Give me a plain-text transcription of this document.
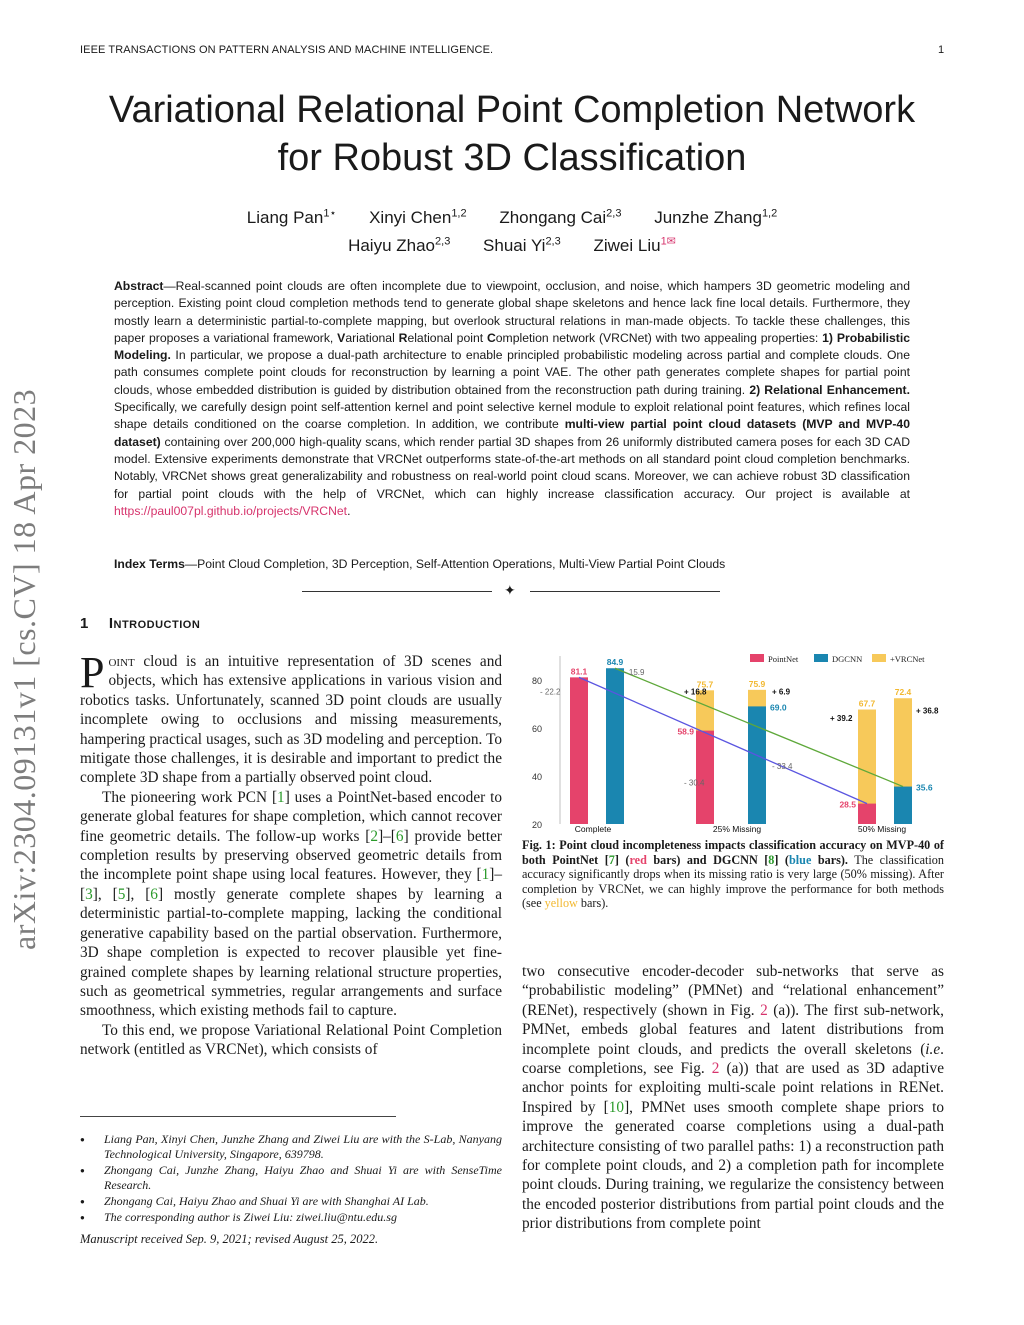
IEEE TRANSACTIONS ON PATTERN ANALYSIS AND MACHINE INTELLIGENCE.	1
arXiv:2304.09131v1 [cs.CV] 18 Apr 2023
Variational Relational Point Completion Network
for Robust 3D Classification
Liang Pan$^{1⋆}$ Xinyi Chen$^{1,2}$ Zhongang Cai$^{2,3}$ Junzhe Zhang$^{1,2}$
Haiyu Zhao$^{2,3}$ Shuai Yi$^{2,3}$ Ziwei Liu$^{1✉}$

Abstract—Real-scanned point clouds are often incomplete due to viewpoint, occlusion, and noise, which hampers 3D geometric modeling and perception. Existing point cloud completion methods tend to generate global shape skeletons and hence lack fine local details. Furthermore, they mostly learn a deterministic partial-to-complete mapping, but overlook structural relations in man-made objects. To tackle these challenges, this paper proposes a variational framework, Variational Relational point Completion network (VRCNet) with two appealing properties: 1) Probabilistic Modeling. In particular, we propose a dual-path architecture to enable principled probabilistic modeling across partial and complete clouds. One path consumes complete point clouds for reconstruction by learning a point VAE. The other path generates complete shapes for partial point clouds, whose embedded distribution is guided by distribution obtained from the reconstruction path during training. 2) Relational Enhancement. Specifically, we carefully design point self-attention kernel and point selective kernel module to exploit relational point features, which refines local shape details conditioned on the coarse completion. In addition, we contribute multi-view partial point cloud datasets (MVP and MVP-40 dataset) containing over 200,000 high-quality scans, which render partial 3D shapes from 26 uniformly distributed camera poses for each 3D CAD model. Extensive experiments demonstrate that VRCNet outperforms state-of-the-art methods on all standard point cloud completion benchmarks. Notably, VRCNet shows great generalizability and robustness on real-world point cloud scans. Moreover, we can achieve robust 3D classification for partial point clouds with the help of VRCNet, which can highly increase classification accuracy. Our project is available at https://paul007pl.github.io/projects/VRCNet.

Index Terms—Point Cloud Completion, 3D Perception, Self-Attention Operations, Multi-View Partial Point Clouds
✦
1 Introduction

Point cloud is an intuitive representation of 3D scenes and objects, which has extensive applications in various vision and robotics tasks. Unfortunately, scanned 3D point clouds are usually incomplete owing to occlusions and missing measurements, hampering practical usages, such as 3D modeling and perception. To mitigate those challenges, it is desirable and important to predict the complete 3D shape from a partially observed point cloud.

The pioneering work PCN [1] uses a PointNet-based encoder to generate global features for shape completion, which cannot recover fine geometric details. The follow-up works [2]–[6] provide better completion results by preserving observed geometric details from the incomplete point shape using local features. However, they [1]–[3], [5], [6] mostly generate complete shapes by learning a deterministic partial-to-complete mapping, lacking the conditional generative capability based on the partial observation. Furthermore, 3D shape completion is expected to recover plausible yet fine-grained complete shapes by learning relational structure properties, such as geometrical symmetries, regular arrangements and surface smoothness, which existing methods fail to capture.

To this end, we propose Variational Relational Point Completion network (entitled as VRCNet), which consists of

● Liang Pan, Xinyi Chen, Junzhe Zhang and Ziwei Liu are with the S-Lab, Nanyang Technological University, Singapore, 639798.
● Zhongang Cai, Junzhe Zhang, Haiyu Zhao and Shuai Yi are with SenseTime Research.
● Zhongang Cai, Haiyu Zhao and Shuai Yi are with Shanghai AI Lab.
● The corresponding author is Ziwei Liu: ziwei.liu@ntu.edu.sg
Manuscript received Sep. 9, 2021; revised August 25, 2022.
20
40
60
80
81.1
84.9
75.7	75.9
58.9
69.0	67.7
72.4
28.5
35.6
- 22.2
- 15.9
- 30.4
- 33.4
+ 16.8	+ 6.9
+ 39.2
+ 36.8
Complete	25% Missing	50% Missing
PointNet	DGCNN	+VRCNet
Fig. 1: Point cloud incompleteness impacts classification accuracy on MVP-40 of both PointNet [7] (red bars) and DGCNN [8] (blue bars). The classification accuracy significantly drops when its missing ratio is very large (50% missing). After completion by VRCNet, we can highly improve the performance for both methods (see yellow bars).

two consecutive encoder-decoder sub-networks that serve as “probabilistic modeling” (PMNet) and “relational enhancement” (RENet), respectively (shown in Fig. 2 (a)). The first sub-network, PMNet, embeds global features and latent distributions from incomplete point clouds, and predicts the overall skeletons (i.e. coarse completions, see Fig. 2 (a)) that are used as 3D adaptive anchor points for exploiting multi-scale point relations in RENet. Inspired by [10], PMNet uses smooth complete shape priors to improve the generated coarse completions using a dual-path architecture consisting of two parallel paths: 1) a reconstruction path for complete point clouds, and 2) a completion path for incomplete point clouds. During training, we regularize the consistency between the encoded posterior distributions from partial point clouds and the prior distributions from complete point
